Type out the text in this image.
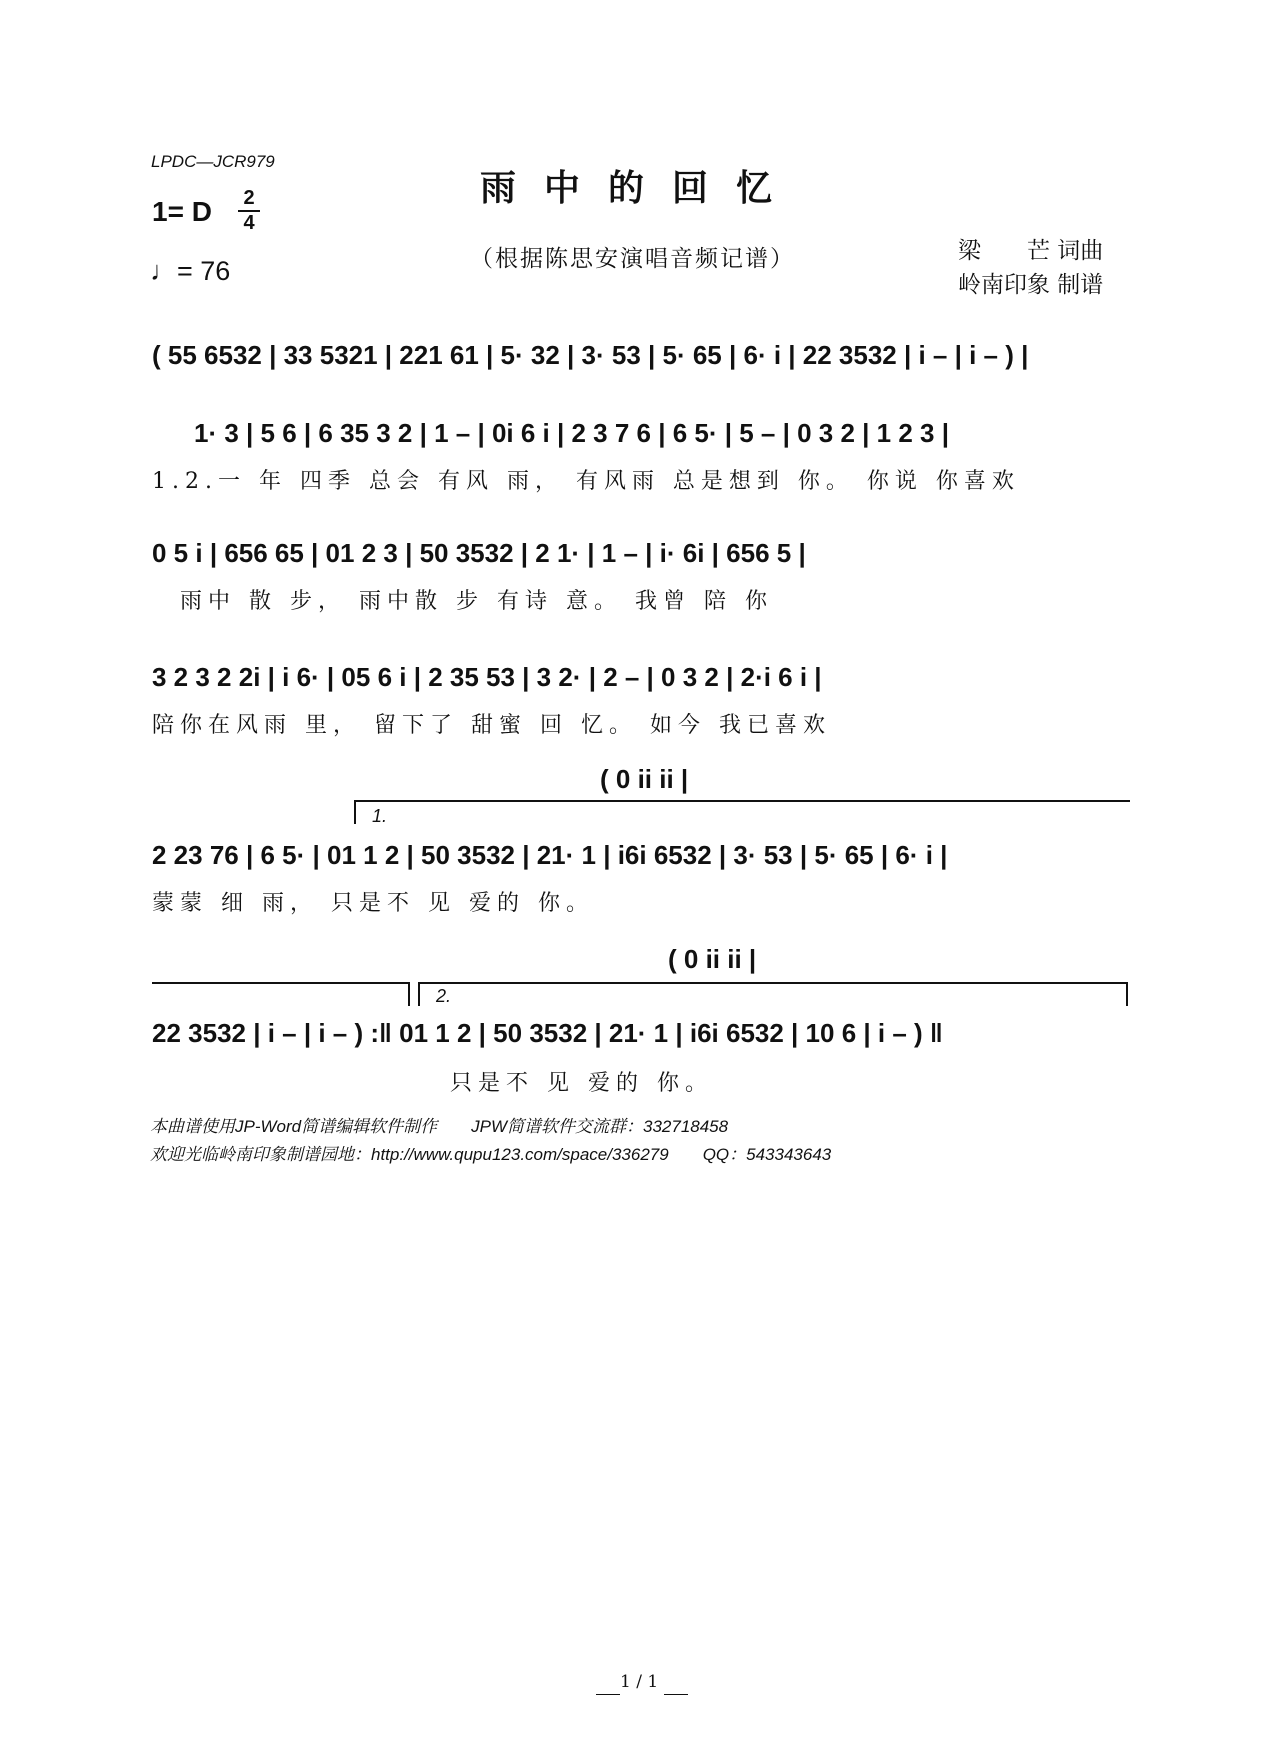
LPDC—JCR979
雨中的回忆
1= D 2
4
♩= 76	（根据陈思安演唱音频记谱）	梁　　芒 词曲
岭南印象 制谱
( 55 6532 | 33 5321 | 221 61 | 5· 32 | 3· 53 | 5· 65 | 6· i | 22 3532 | i – | i – ) |
1· 3 | 5 6 | 6 35 3 2 | 1 – | 0i 6 i | 2 3 7 6 | 6 5· | 5 – | 0 3 2 | 1 2 3 |
1.2.一 年 四季 总会 有风 雨， 有风雨 总是想到 你。 你说 你喜欢
0 5 i | 656 65 | 01 2 3 | 50 3532 | 2 1· | 1 – | i· 6i | 656 5 |
雨中 散 步， 雨中散 步 有诗 意。 我曾 陪 你
3 2 3 2 2i | i 6· | 05 6 i | 2 35 53 | 3 2· | 2 – | 0 3 2 | 2·i 6 i |
陪你在风雨 里， 留下了 甜蜜 回 忆。 如今 我已喜欢
( 0 ii ii |
1.
2 23 76 | 6 5· | 01 1 2 | 50 3532 | 21· 1 | i6i 6532 | 3· 53 | 5· 65 | 6· i |
蒙蒙 细 雨， 只是不 见 爱的 你。
( 0 ii ii |
2.
22 3532 | i – | i – ) :‖ 01 1 2 | 50 3532 | 21· 1 | i6i 6532 | 10 6 | i – ) ‖
只是不 见 爱的 你。
本曲谱使用JP-Word简谱编辑软件制作　　JPW简谱软件交流群：332718458
欢迎光临岭南印象制谱园地：http://www.qupu123.com/space/336279　　QQ：543343643
1 / 1
